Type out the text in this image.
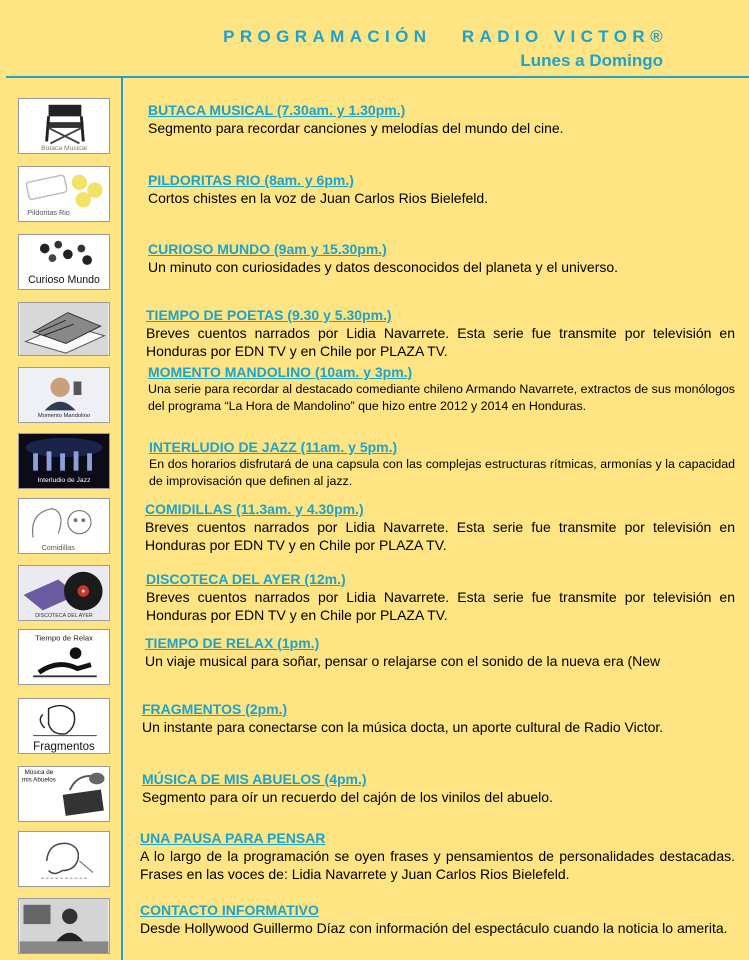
PROGRAMACIÓN   RADIO VICTOR®
Lunes a Domingo
Butaca Musical
BUTACA MUSICAL (7.30am. y 1.30pm.)
Segmento para recordar canciones y melodías del mundo del cine.
Pildoritas Rio
PILDORITAS RIO (8am. y 6pm.)
Cortos chistes en la voz de Juan Carlos Rios Bielefeld.
Curioso Mundo
CURIOSO MUNDO (9am y 15.30pm.)
Un minuto con curiosidades y datos desconocidos del planeta y el universo.
TIEMPO DE POETAS (9.30 y 5.30pm.)
Breves cuentos narrados por Lidia Navarrete. Esta serie fue transmite por televisión en Honduras por EDN TV y en Chile por PLAZA TV.
Momento Mandolino
MOMENTO MANDOLINO (10am. y 3pm.)
Una serie para recordar al destacado comediante chileno Armando Navarrete, extractos de sus monólogos del programa “La Hora de Mandolino” que hizo entre 2012 y 2014 en Honduras.
Interludio de Jazz
INTERLUDIO DE JAZZ (11am. y 5pm.)
En dos horarios disfrutará de una capsula con las complejas estructuras rítmicas, armonías y la capacidad de improvisación que definen al jazz.
Comidillas
COMIDILLAS (11.3am. y 4.30pm.)
Breves cuentos narrados por Lidia Navarrete. Esta serie fue transmite por televisión en Honduras por EDN TV y en Chile por PLAZA TV.
DISCOTECA DEL AYER
DISCOTECA DEL AYER (12m.)
Breves cuentos narrados por Lidia Navarrete. Esta serie fue transmite por televisión en Honduras por EDN TV y en Chile por PLAZA TV.
Tiempo de Relax	TIEMPO DE RELAX (1pm.)
Un viaje musical para soñar, pensar o relajarse con el sonido de la nueva era (New
Fragmentos
FRAGMENTOS (2pm.)
Un instante para conectarse con la música docta, un aporte cultural de Radio Victor.
Música de mis Abuelos	MÚSICA DE MIS ABUELOS (4pm.)
Segmento para oír un recuerdo del cajón de los vinilos del abuelo.
UNA PAUSA PARA PENSAR
A lo largo de la programación se oyen frases y pensamientos de personalidades destacadas. Frases en las voces de: Lidia Navarrete y Juan Carlos Rios Bielefeld.
CONTACTO INFORMATIVO
Desde Hollywood Guillermo Díaz con información del espectáculo cuando la noticia lo amerita.
